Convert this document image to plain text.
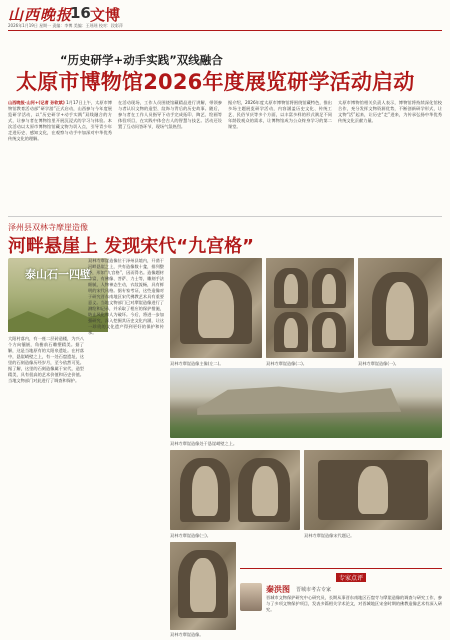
山西晚报
16 文博
2026年1月19日 星期一 责编：李博 美编：王瑶瑶 校对：段彩萍
“历史研学+动手实践”双线融合
太原市博物馆2026年度展览研学活动启动
山西晚报·山河+(记者 孙钦斌) 1月17日上午，太原市博物馆教育活动部“研学游”正式启动，山西参与今年度展览研学活动，以“历史研学+动手实践”双线融合的方式，让参与者在博物馆里开展沉浸式的学习与体验。本次活动以太原市博物馆馆藏文物为切入点，引导青少年走进历史、感知文化，在观察与动手中加深对中华优秀传统文化的理解。
在活动现场，工作人员围绕馆藏精品进行讲解，带领参与者认识文物的造型、纹饰与背后的历史故事。随后，参与者在工作人员指导下动手完成拓印、陶艺、绘画等体验项目，在实践中体会古人的智慧与技艺。活动还设置了互动问答环节，现场气氛热烈。
据介绍，2026年度太原市博物馆将围绕馆藏特色，推出多场主题展览研学活动，内容涵盖历史文化、传统工艺、民俗节庆等多个方面，以丰富多样的形式满足不同年龄段观众的需求，让博物馆成为公众终身学习的第二课堂。
太原市博物馆相关负责人表示，博物馆将持续深化馆校合作，充分发挥文物资源优势，不断创新研学形式，让文物“活”起来，让历史“走”进来，为传承弘扬中华优秀传统文化贡献力量。
泽州县双林寺摩崖造像
河畔悬崖上 发现宋代“九宫格”
泰山石一四壁
大阳村落内，有一座二层砖造楼，为兴八个方向镶嵌，角檐前石雕塑精美。据了解，这是当地原有的太阳泉遗址。在村落中，悬崖峭壁之上，有一处石窟遗址，这里的石刻造像历经岁月，至今依然可见。据了解，这里的石刻造像属于宋代，造型精美，具有很高的艺术价值和历史价值。当地文物部门对此进行了调查和保护。
双林寺摩崖造像位于泽州县境内，开凿于河畔悬崖之上，共有造像数十龛，排列整齐，形如“九宫格”，因而得名。造像题材丰富，有佛像、菩萨、力士等，雕刻手法细腻，人物神态生动，衣纹流畅，具有鲜明的宋代风格。据专家考证，这些造像对于研究晋东南地区宋代佛教艺术具有重要意义。当地文物部门已对摩崖造像进行了测绘和记录，并采取了相应的保护措施，防止风化和人为破坏。今后，将进一步加强研究，深入挖掘其历史文化内涵，让这一珍贵的文化遗产得到更好的保护和传承。
双林寺摩崖造像主像(左二)。	双林寺摩崖造像(二)。	双林寺摩崖造像(一)。
双林寺摩崖造像处于悬崖峭壁之上。
双林寺摩崖造像(三)。	双林寺摩崖造像宋代题记。
双林寺摩崖造像。
专家点评
秦洪图 晋城市考古专家
晋城市文物保护研究中心研究员，长期从事晋东南地区石窟寺与摩崖造像的调查与研究工作，参与了多项文物保护项目，发表多篇相关学术论文，对晋城地区宋金时期的佛教造像艺术有深入研究。
